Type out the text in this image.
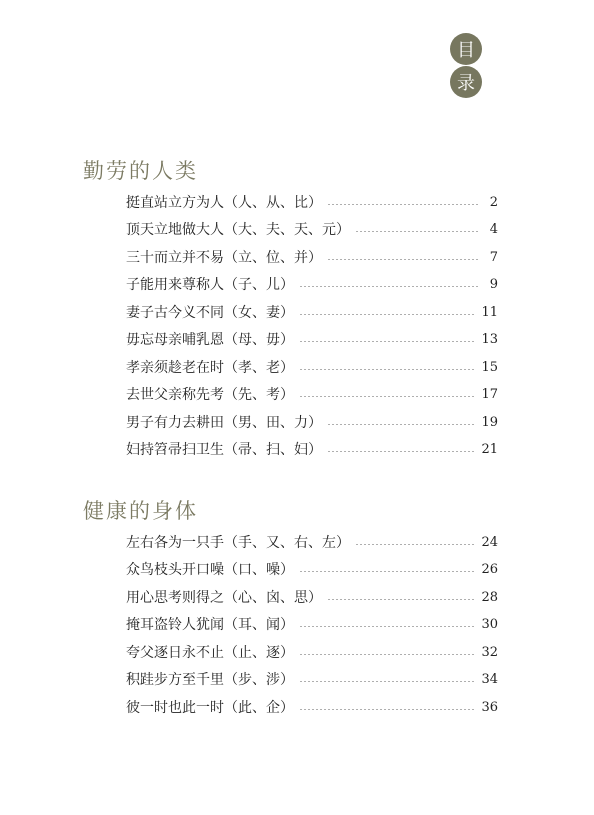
目
录
勤劳的人类
挺直站立方为人（人、从、比）	2
顶天立地做大人（大、夫、天、元）	4
三十而立并不易（立、位、并）	7
子能用来尊称人（子、儿）	9
妻子古今义不同（女、妻）	11
毋忘母亲哺乳恩（母、毋）	13
孝亲须趁老在时（孝、老）	15
去世父亲称先考（先、考）	17
男子有力去耕田（男、田、力）	19
妇持笤帚扫卫生（帚、扫、妇）	21
健康的身体
左右各为一只手（手、又、右、左）	24
众鸟枝头开口噪（口、噪）	26
用心思考则得之（心、囟、思）	28
掩耳盗铃人犹闻（耳、闻）	30
夸父逐日永不止（止、逐）	32
积跬步方至千里（步、涉）	34
彼一时也此一时（此、企）	36
